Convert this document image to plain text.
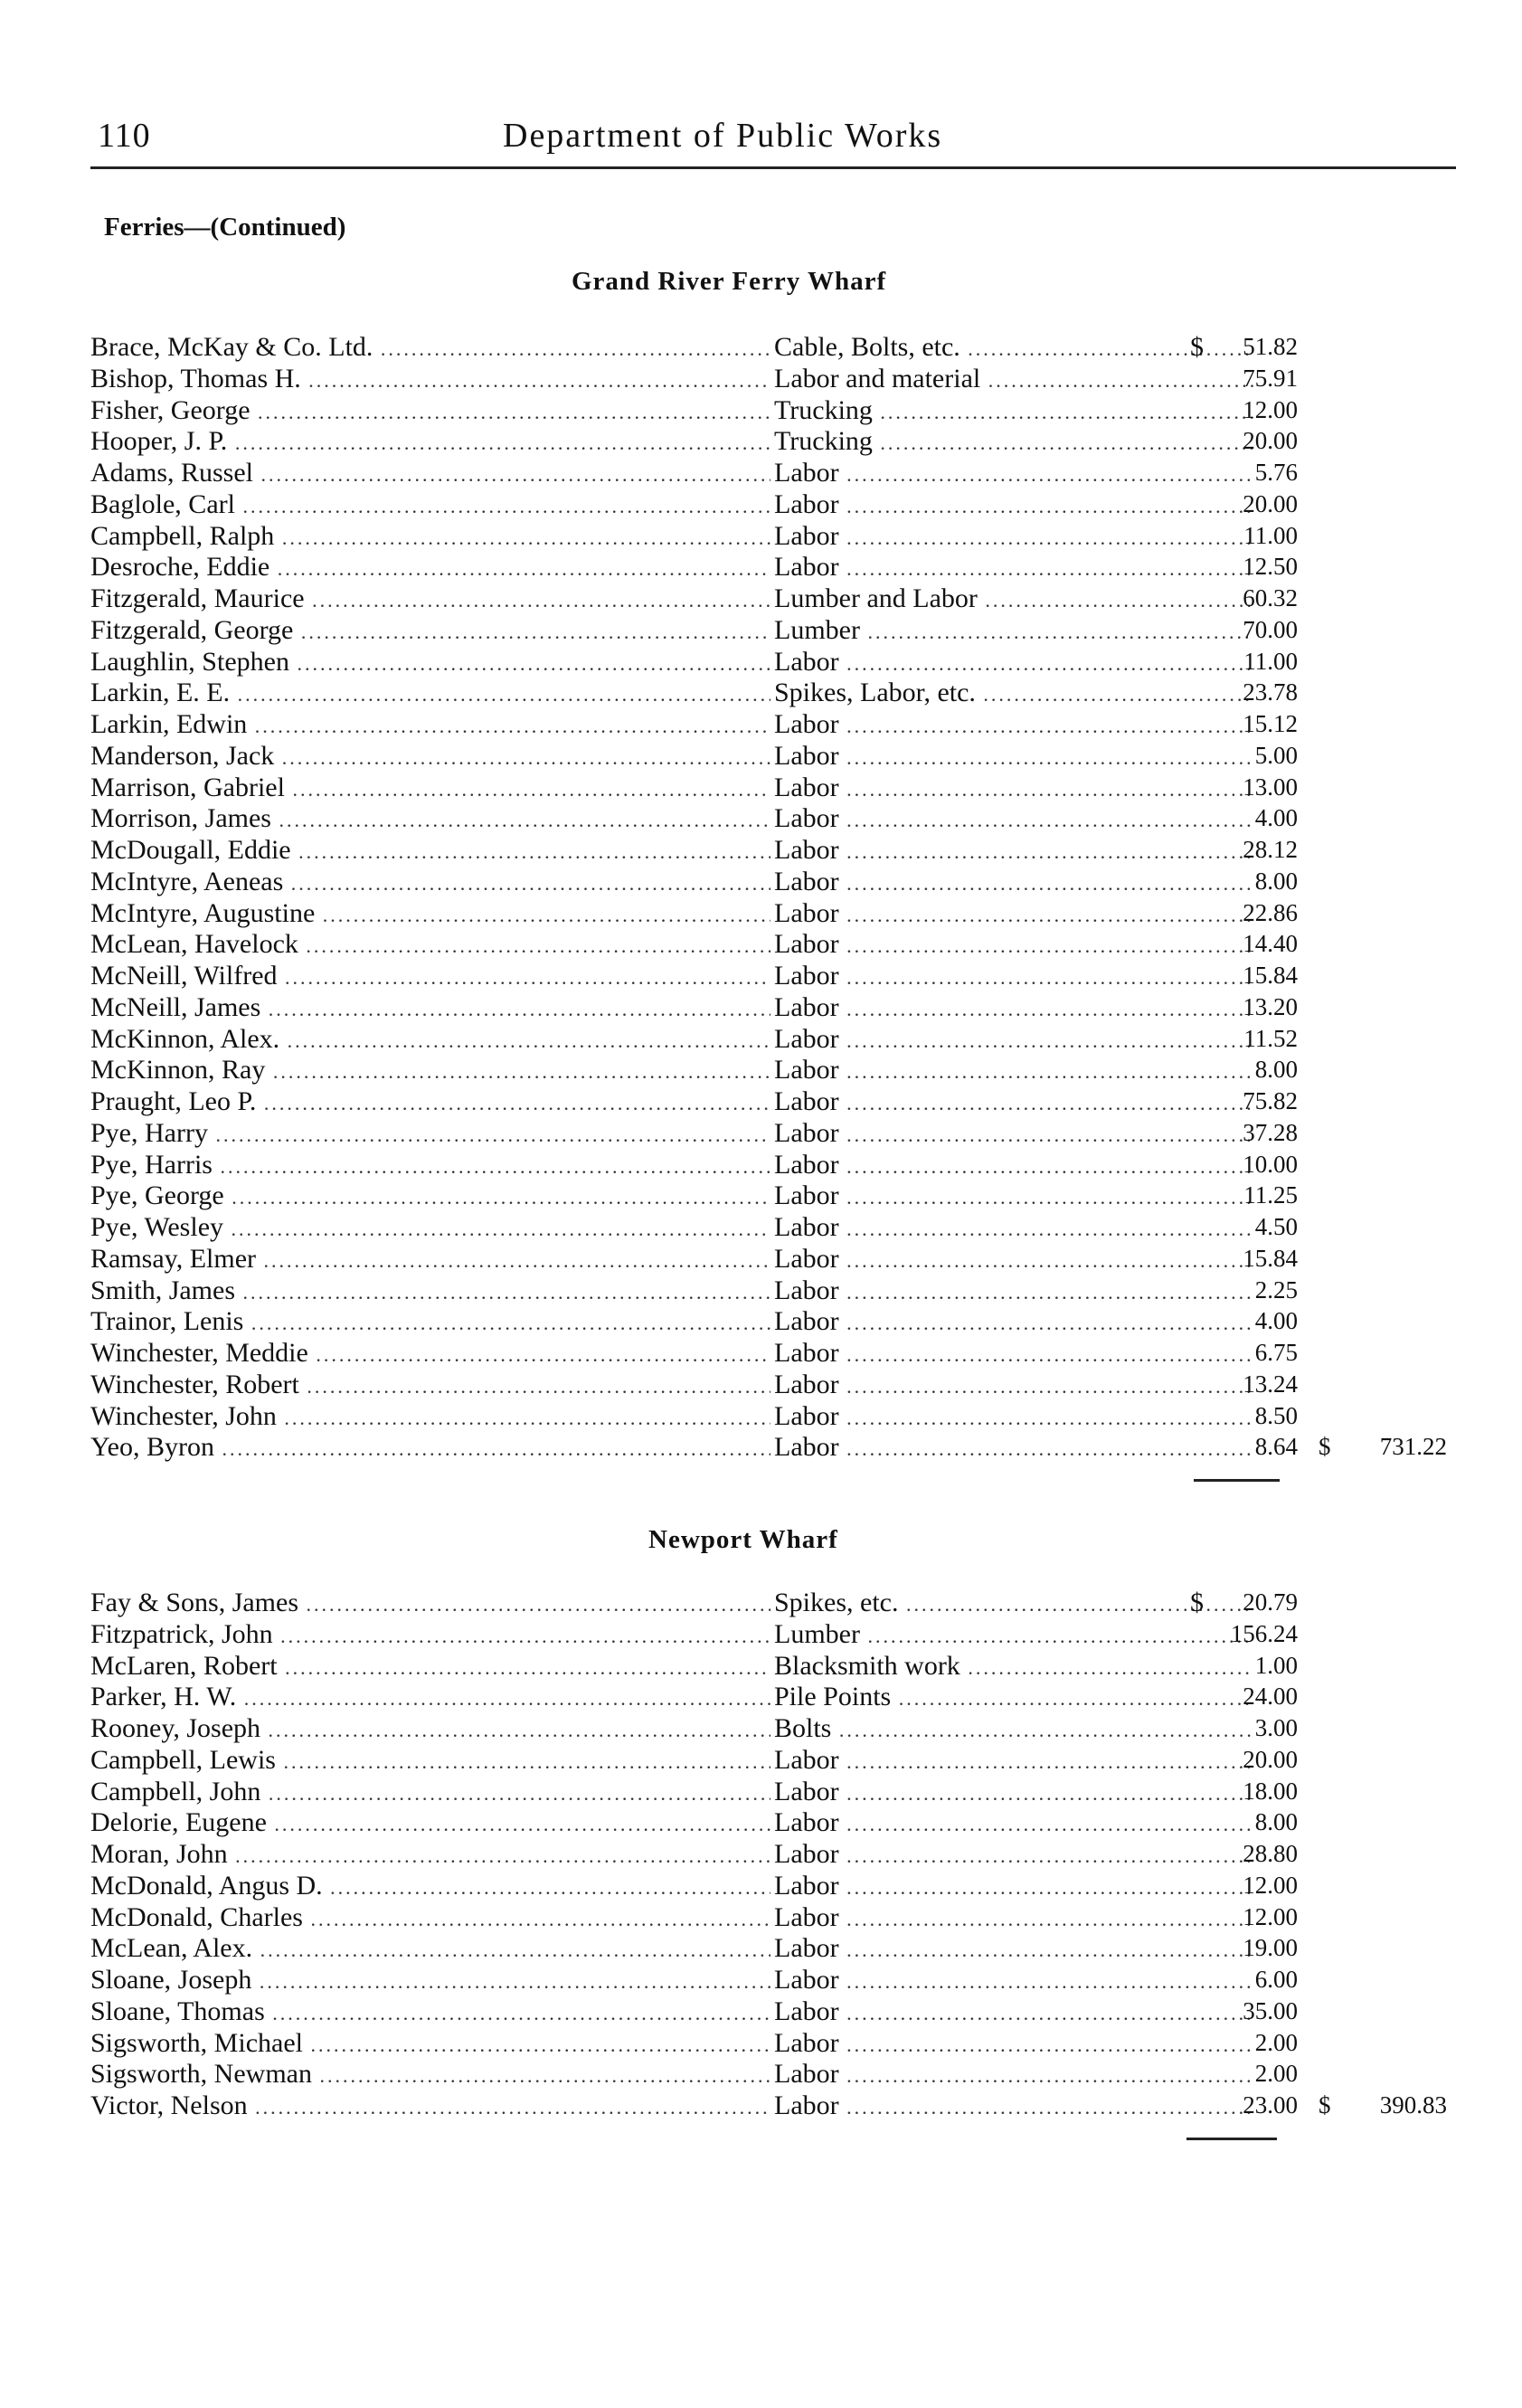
110	Department of Public Works
Ferries—(Continued)
Grand River Ferry Wharf
Brace, McKay & Co. Ltd. .....	Cable, Bolts, etc. .....	$	51.82
Bishop, Thomas H. .....	Labor and material .....	75.91
Fisher, George .....	Trucking .....	12.00
Hooper, J. P. .....	Trucking .....	20.00
Adams, Russel .....	Labor .....	5.76
Baglole, Carl .....	Labor .....	20.00
Campbell, Ralph .....	Labor .....	11.00
Desroche, Eddie .....	Labor .....	12.50
Fitzgerald, Maurice .....	Lumber and Labor .....	60.32
Fitzgerald, George .....	Lumber .....	70.00
Laughlin, Stephen .....	Labor .....	11.00
Larkin, E. E. .....	Spikes, Labor, etc. .....	23.78
Larkin, Edwin .....	Labor .....	15.12
Manderson, Jack .....	Labor .....	5.00
Marrison, Gabriel .....	Labor .....	13.00
Morrison, James .....	Labor .....	4.00
McDougall, Eddie .....	Labor .....	28.12
McIntyre, Aeneas .....	Labor .....	8.00
McIntyre, Augustine .....	Labor .....	22.86
McLean, Havelock .....	Labor .....	14.40
McNeill, Wilfred .....	Labor .....	15.84
McNeill, James .....	Labor .....	13.20
McKinnon, Alex. .....	Labor .....	11.52
McKinnon, Ray .....	Labor .....	8.00
Praught, Leo P. .....	Labor .....	75.82
Pye, Harry .....	Labor .....	37.28
Pye, Harris .....	Labor .....	10.00
Pye, George .....	Labor .....	11.25
Pye, Wesley .....	Labor .....	4.50
Ramsay, Elmer .....	Labor .....	15.84
Smith, James .....	Labor .....	2.25
Trainor, Lenis .....	Labor .....	4.00
Winchester, Meddie .....	Labor .....	6.75
Winchester, Robert .....	Labor .....	13.24
Winchester, John .....	Labor .....	8.50
Yeo, Byron .....	Labor .....	8.64 $	731.22
Newport Wharf
Fay & Sons, James .....	Spikes, etc. .....	$	20.79
Fitzpatrick, John .....	Lumber .....	156.24
McLaren, Robert .....	Blacksmith work .....	1.00
Parker, H. W. .....	Pile Points .....	24.00
Rooney, Joseph .....	Bolts .....	3.00
Campbell, Lewis .....	Labor .....	20.00
Campbell, John .....	Labor .....	18.00
Delorie, Eugene .....	Labor .....	8.00
Moran, John .....	Labor .....	28.80
McDonald, Angus D. .....	Labor .....	12.00
McDonald, Charles .....	Labor .....	12.00
McLean, Alex. .....	Labor .....	19.00
Sloane, Joseph .....	Labor .....	6.00
Sloane, Thomas .....	Labor .....	35.00
Sigsworth, Michael .....	Labor .....	2.00
Sigsworth, Newman .....	Labor .....	2.00
Victor, Nelson .....	Labor .....	23.00 $	390.83
